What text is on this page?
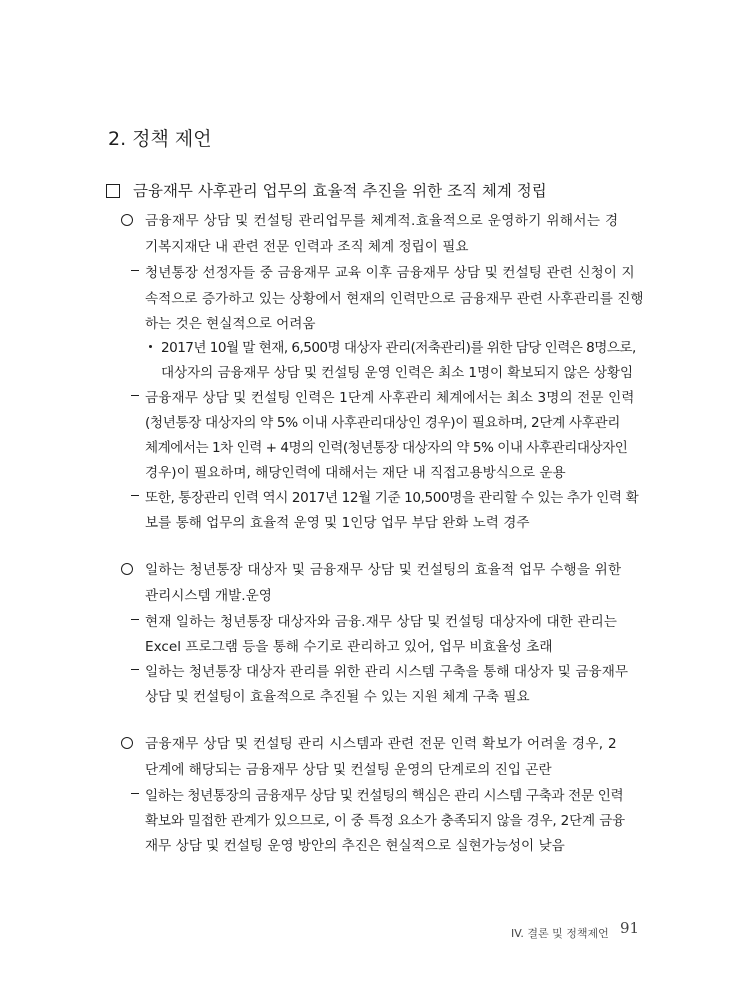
2. 정책 제언
금융재무 사후관리 업무의 효율적 추진을 위한 조직 체계 정립
금융재무 상담 및 컨설팅 관리업무를 체계적.효율적으로 운영하기 위해서는 경
기복지재단 내 관련 전문 인력과 조직 체계 정립이 필요
청년통장 선정자들 중 금융재무 교육 이후 금융재무 상담 및 컨설팅 관련 신청이 지
속적으로 증가하고 있는 상황에서 현재의 인력만으로 금융재무 관련 사후관리를 진행
하는 것은 현실적으로 어려움
2017년 10월 말 현재, 6,500명 대상자 관리(저축관리)를 위한 담당 인력은 8명으로,
대상자의 금융재무 상담 및 컨설팅 운영 인력은 최소 1명이 확보되지 않은 상황임
금융재무 상담 및 컨설팅 인력은 1단계 사후관리 체계에서는 최소 3명의 전문 인력
(청년통장 대상자의 약 5% 이내 사후관리대상인 경우)이 필요하며, 2단계 사후관리
체계에서는 1차 인력 + 4명의 인력(청년통장 대상자의 약 5% 이내 사후관리대상자인
경우)이 필요하며, 해당인력에 대해서는 재단 내 직접고용방식으로 운용
또한, 통장관리 인력 역시 2017년 12월 기준 10,500명을 관리할 수 있는 추가 인력 확
보를 통해 업무의 효율적 운영 및 1인당 업무 부담 완화 노력 경주
일하는 청년통장 대상자 및 금융재무 상담 및 컨설팅의 효율적 업무 수행을 위한
관리시스템 개발.운영
현재 일하는 청년통장 대상자와 금융.재무 상담 및 컨설팅 대상자에 대한 관리는
Excel 프로그램 등을 통해 수기로 관리하고 있어, 업무 비효율성 초래
일하는 청년통장 대상자 관리를 위한 관리 시스템 구축을 통해 대상자 및 금융재무
상담 및 컨설팅이 효율적으로 추진될 수 있는 지원 체계 구축 필요
금융재무 상담 및 컨설팅 관리 시스템과 관련 전문 인력 확보가 어려울 경우, 2
단계에 해당되는 금융재무 상담 및 컨설팅 운영의 단계로의 진입 곤란
일하는 청년통장의 금융재무 상담 및 컨설팅의 핵심은 관리 시스템 구축과 전문 인력
확보와 밀접한 관계가 있으므로, 이 중 특정 요소가 충족되지 않을 경우, 2단계 금융
재무 상담 및 컨설팅 운영 방안의 추진은 현실적으로 실현가능성이 낮음
IV. 결론 및 정책제언 91
